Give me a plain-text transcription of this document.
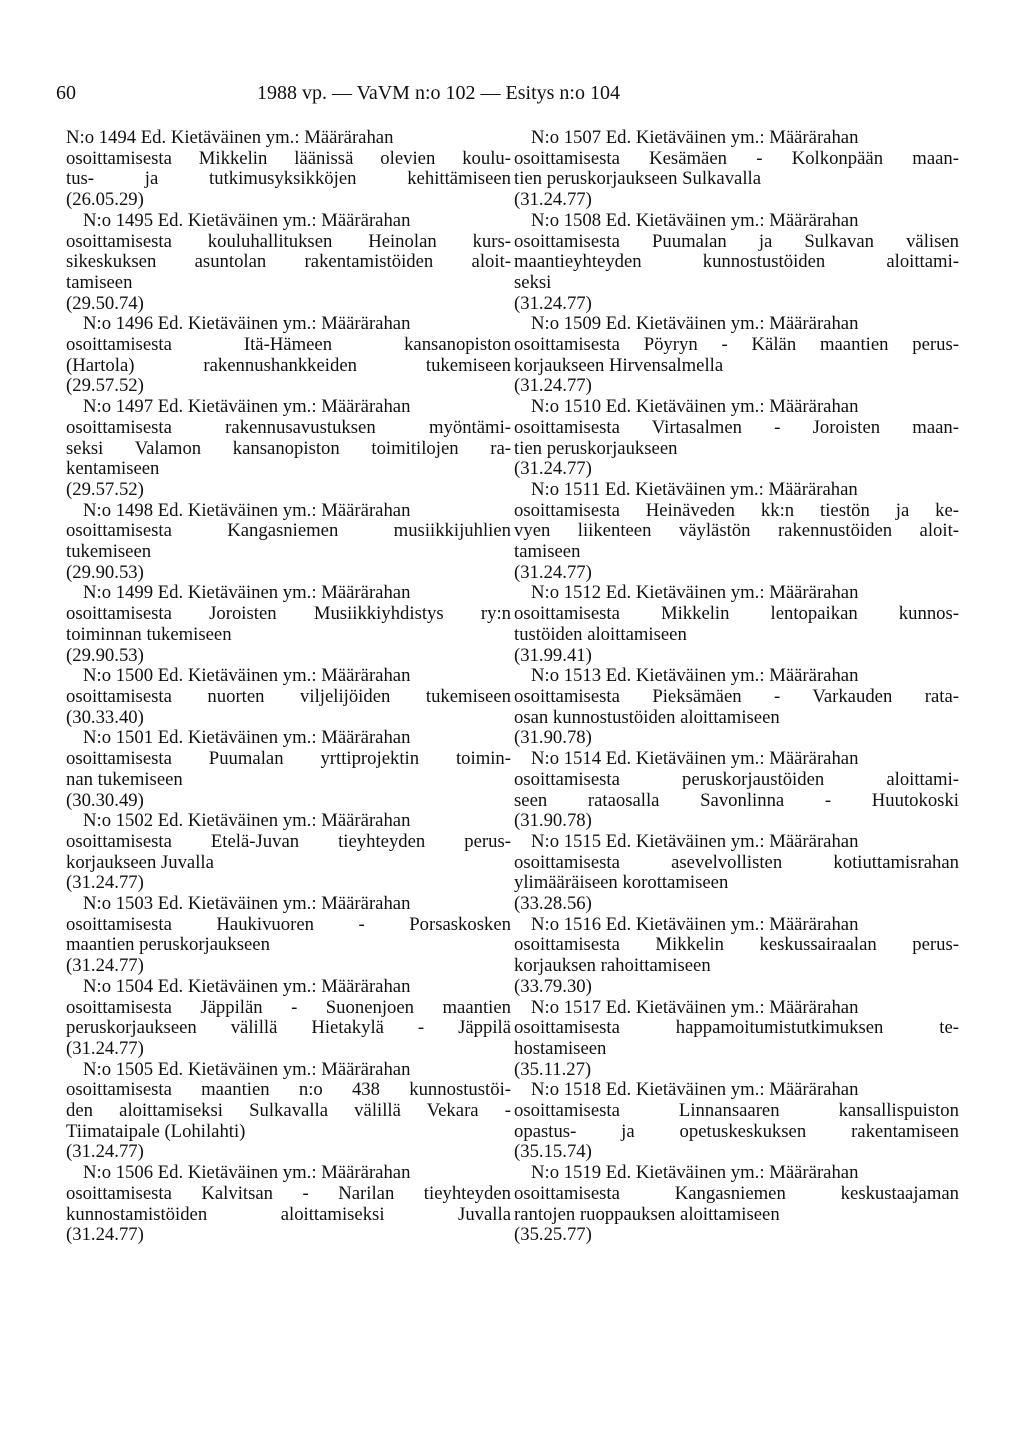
60	1988 vp. — VaVM n:o 102 — Esitys n:o 104
N:o 1494 Ed. Kietäväinen ym.: Määrärahan
osoittamisesta Mikkelin läänissä olevien koulu-
tus- ja tutkimusyksikköjen kehittämiseen
(26.05.29)
N:o 1495 Ed. Kietäväinen ym.: Määrärahan
osoittamisesta kouluhallituksen Heinolan kurs-
sikeskuksen asuntolan rakentamistöiden aloit-
tamiseen
(29.50.74)
N:o 1496 Ed. Kietäväinen ym.: Määrärahan
osoittamisesta Itä-Hämeen kansanopiston
(Hartola) rakennushankkeiden tukemiseen
(29.57.52)
N:o 1497 Ed. Kietäväinen ym.: Määrärahan
osoittamisesta rakennusavustuksen myöntämi-
seksi Valamon kansanopiston toimitilojen ra-
kentamiseen
(29.57.52)
N:o 1498 Ed. Kietäväinen ym.: Määrärahan
osoittamisesta Kangasniemen musiikkijuhlien
tukemiseen
(29.90.53)
N:o 1499 Ed. Kietäväinen ym.: Määrärahan
osoittamisesta Joroisten Musiikkiyhdistys ry:n
toiminnan tukemiseen
(29.90.53)
N:o 1500 Ed. Kietäväinen ym.: Määrärahan
osoittamisesta nuorten viljelijöiden tukemiseen
(30.33.40)
N:o 1501 Ed. Kietäväinen ym.: Määrärahan
osoittamisesta Puumalan yrttiprojektin toimin-
nan tukemiseen
(30.30.49)
N:o 1502 Ed. Kietäväinen ym.: Määrärahan
osoittamisesta Etelä-Juvan tieyhteyden perus-
korjaukseen Juvalla
(31.24.77)
N:o 1503 Ed. Kietäväinen ym.: Määrärahan
osoittamisesta Haukivuoren - Porsaskosken
maantien peruskorjaukseen
(31.24.77)
N:o 1504 Ed. Kietäväinen ym.: Määrärahan
osoittamisesta Jäppilän - Suonenjoen maantien
peruskorjaukseen välillä Hietakylä - Jäppilä
(31.24.77)
N:o 1505 Ed. Kietäväinen ym.: Määrärahan
osoittamisesta maantien n:o 438 kunnostustöi-
den aloittamiseksi Sulkavalla välillä Vekara -
Tiimataipale (Lohilahti)
(31.24.77)
N:o 1506 Ed. Kietäväinen ym.: Määrärahan
osoittamisesta Kalvitsan - Narilan tieyhteyden
kunnostamistöiden aloittamiseksi Juvalla
(31.24.77)
N:o 1507 Ed. Kietäväinen ym.: Määrärahan
osoittamisesta Kesämäen - Kolkonpään maan-
tien peruskorjaukseen Sulkavalla
(31.24.77)
N:o 1508 Ed. Kietäväinen ym.: Määrärahan
osoittamisesta Puumalan ja Sulkavan välisen
maantieyhteyden kunnostustöiden aloittami-
seksi
(31.24.77)
N:o 1509 Ed. Kietäväinen ym.: Määrärahan
osoittamisesta Pöyryn - Kälän maantien perus-
korjaukseen Hirvensalmella
(31.24.77)
N:o 1510 Ed. Kietäväinen ym.: Määrärahan
osoittamisesta Virtasalmen - Joroisten maan-
tien peruskorjaukseen
(31.24.77)
N:o 1511 Ed. Kietäväinen ym.: Määrärahan
osoittamisesta Heinäveden kk:n tiestön ja ke-
vyen liikenteen väylästön rakennustöiden aloit-
tamiseen
(31.24.77)
N:o 1512 Ed. Kietäväinen ym.: Määrärahan
osoittamisesta Mikkelin lentopaikan kunnos-
tustöiden aloittamiseen
(31.99.41)
N:o 1513 Ed. Kietäväinen ym.: Määrärahan
osoittamisesta Pieksämäen - Varkauden rata-
osan kunnostustöiden aloittamiseen
(31.90.78)
N:o 1514 Ed. Kietäväinen ym.: Määrärahan
osoittamisesta peruskorjaustöiden aloittami-
seen rataosalla Savonlinna - Huutokoski
(31.90.78)
N:o 1515 Ed. Kietäväinen ym.: Määrärahan
osoittamisesta asevelvollisten kotiuttamisrahan
ylimääräiseen korottamiseen
(33.28.56)
N:o 1516 Ed. Kietäväinen ym.: Määrärahan
osoittamisesta Mikkelin keskussairaalan perus-
korjauksen rahoittamiseen
(33.79.30)
N:o 1517 Ed. Kietäväinen ym.: Määrärahan
osoittamisesta happamoitumistutkimuksen te-
hostamiseen
(35.11.27)
N:o 1518 Ed. Kietäväinen ym.: Määrärahan
osoittamisesta Linnansaaren kansallispuiston
opastus- ja opetuskeskuksen rakentamiseen
(35.15.74)
N:o 1519 Ed. Kietäväinen ym.: Määrärahan
osoittamisesta Kangasniemen keskustaajaman
rantojen ruoppauksen aloittamiseen
(35.25.77)
